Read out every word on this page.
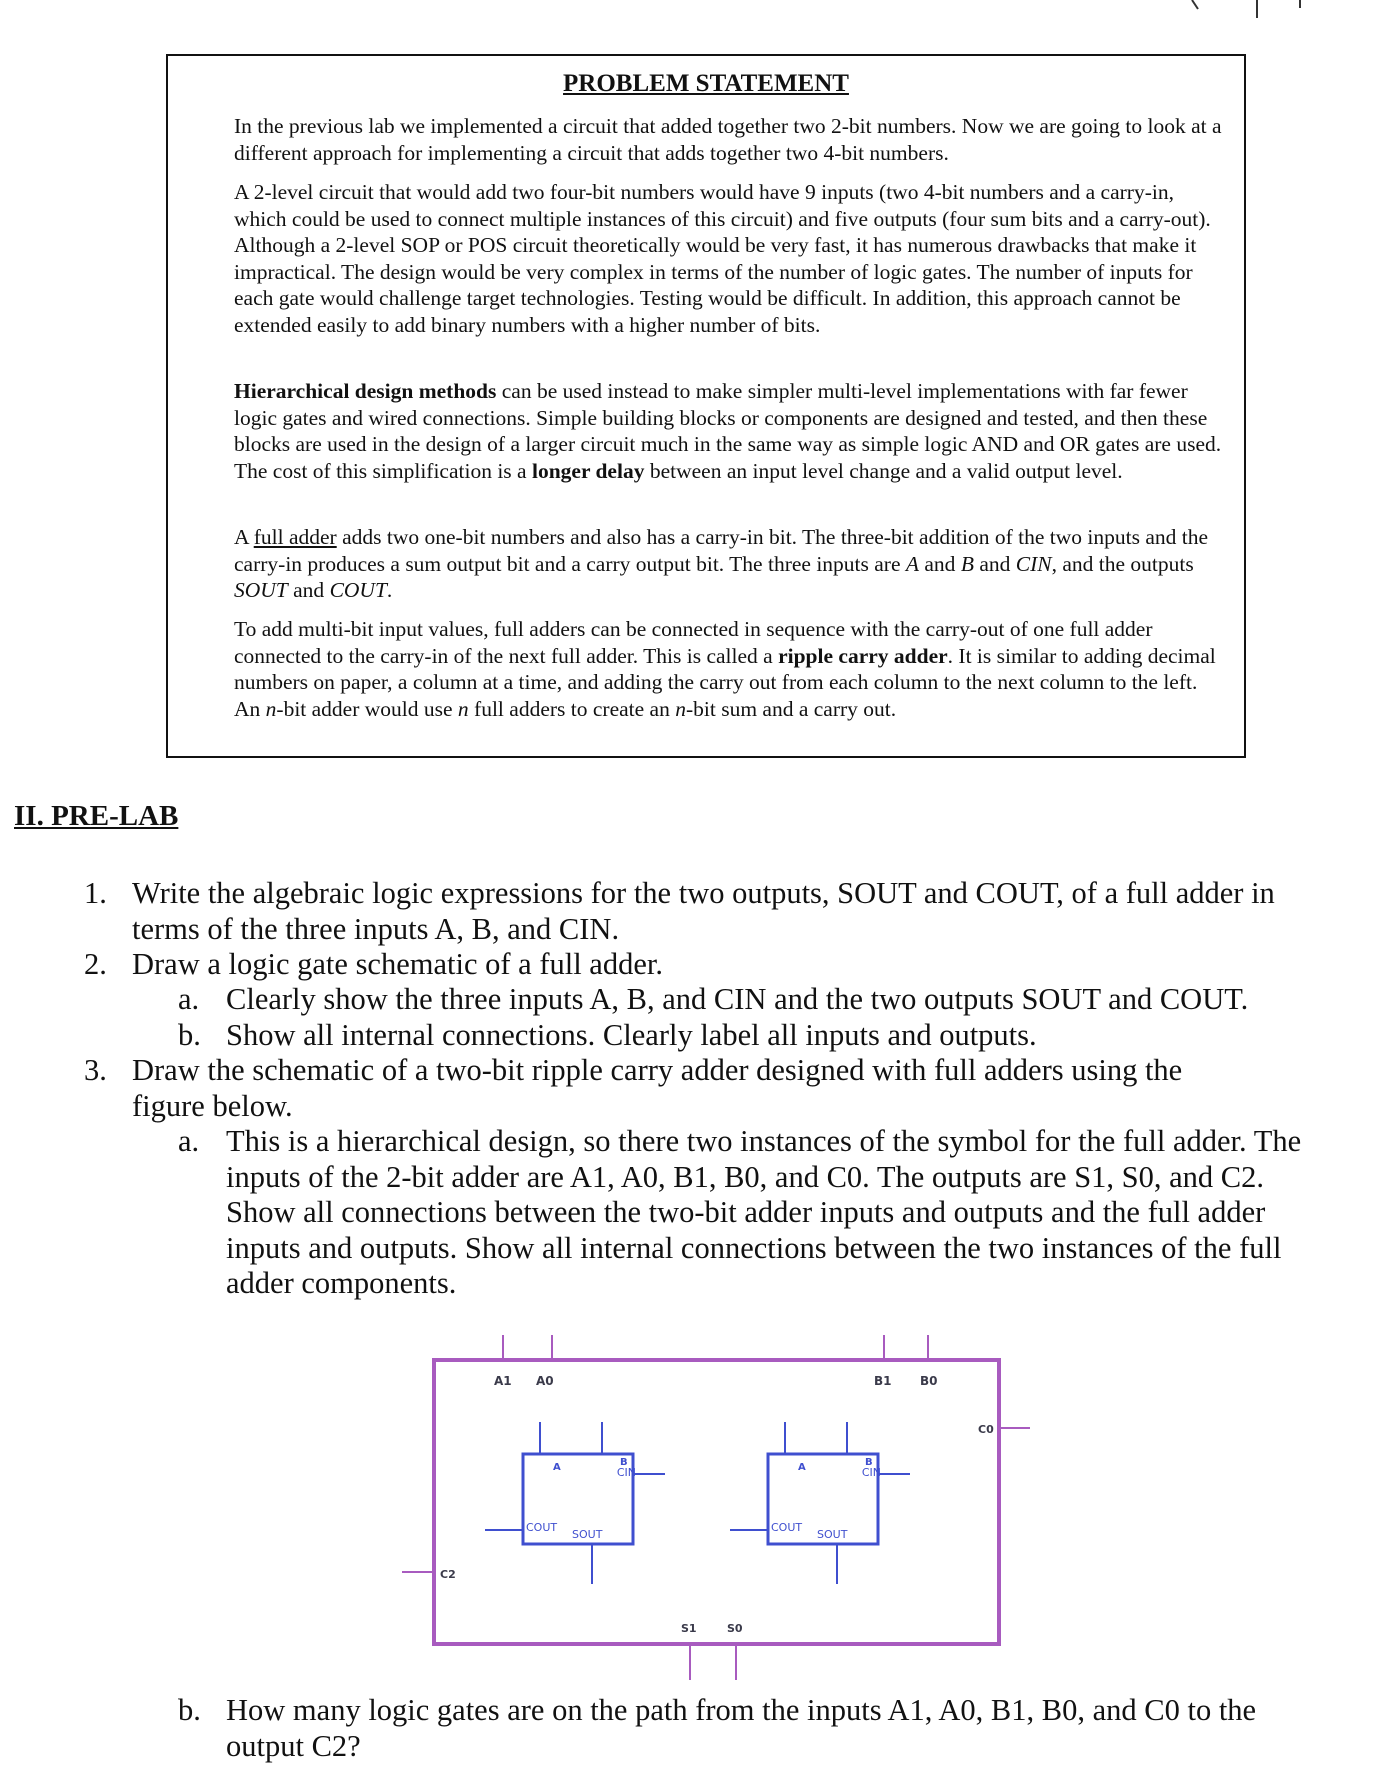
PROBLEM STATEMENT

In the previous lab we implemented a circuit that added together two 2-bit numbers. Now we are going to look at a different approach for implementing a circuit that adds together two 4-bit numbers.

A 2-level circuit that would add two four-bit numbers would have 9 inputs (two 4-bit numbers and a carry-in, which could be used to connect multiple instances of this circuit) and five outputs (four sum bits and a carry-out). Although a 2-level SOP or POS circuit theoretically would be very fast, it has numerous drawbacks that make it impractical. The design would be very complex in terms of the number of logic gates. The number of inputs for each gate would challenge target technologies. Testing would be difficult. In addition, this approach cannot be extended easily to add binary numbers with a higher number of bits.

Hierarchical design methods can be used instead to make simpler multi-level implementations with far fewer logic gates and wired connections. Simple building blocks or components are designed and tested, and then these blocks are used in the design of a larger circuit much in the same way as simple logic AND and OR gates are used. The cost of this simplification is a longer delay between an input level change and a valid output level.

A full adder adds two one-bit numbers and also has a carry-in bit. The three-bit addition of the two inputs and the carry-in produces a sum output bit and a carry output bit. The three inputs are A and B and CIN, and the outputs SOUT and COUT.

To add multi-bit input values, full adders can be connected in sequence with the carry-out of one full adder connected to the carry-in of the next full adder. This is called a ripple carry adder. It is similar to adding decimal numbers on paper, a column at a time, and adding the carry out from each column to the next column to the left. An n-bit adder would use n full adders to create an n-bit sum and a carry out.

II. PRE-LAB
1. Write the algebraic logic expressions for the two outputs, SOUT and COUT, of a full adder in terms of the three inputs A, B, and CIN.

2. Draw a logic gate schematic of a full adder.

a. Clearly show the three inputs A, B, and CIN and the two outputs SOUT and COUT.

b. Show all internal connections. Clearly label all inputs and outputs.

3. Draw the schematic of a two-bit ripple carry adder designed with full adders using the figure below.

a. This is a hierarchical design, so there two instances of the symbol for the full adder. The inputs of the 2-bit adder are A1, A0, B1, B0, and C0. The outputs are S1, S0, and C2. Show all connections between the two-bit adder inputs and outputs and the full adder inputs and outputs. Show all internal connections between the two instances of the full adder components.

A1 A0	B1 B0
C0
C2
S1	S0
A	B
CIN
COUT
SOUT
A	B
CIN
COUT
SOUT
b. How many logic gates are on the path from the inputs A1, A0, B1, B0, and C0 to the output C2?
